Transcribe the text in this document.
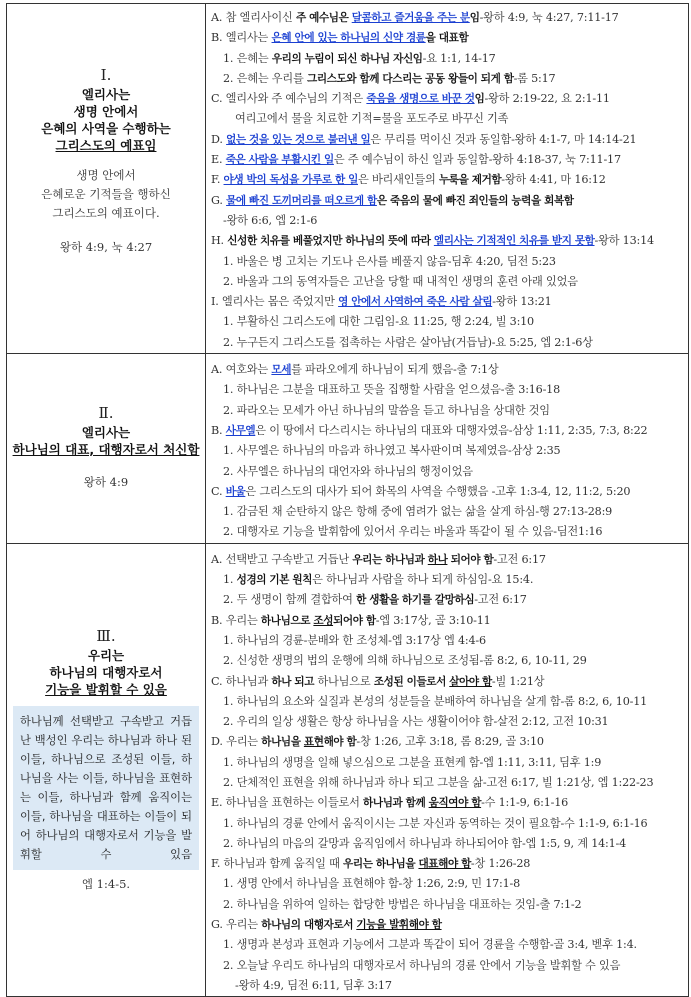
Ⅰ.
엘리사는
생명 안에서
은혜의 사역을 수행하는
그리스도의 예표임
생명 안에서
은혜로운 기적들을 행하신
그리스도의 예표이다.
왕하 4:9, 눅 4:27

A. 참 엘리사이신 주 예수님은 달콤하고 즐거움을 주는 분임-왕하 4:9, 눅 4:27, 7:11-17
B. 엘리사는 은혜 안에 있는 하나님의 신약 경륜을 대표함
1. 은혜는 우리의 누림이 되신 하나님 자신임-요 1:1, 14-17
2. 은혜는 우리를 그리스도와 함께 다스리는 공동 왕들이 되게 함-롬 5:17
C. 엘리사와 주 예수님의 기적은 죽음을 생명으로 바꾼 것임-왕하 2:19-22, 요 2:1-11
여리고에서 물을 치료한 기적=물을 포도주로 바꾸신 기족
D. 없는 것을 있는 것으로 불러낸 일은 무리를 먹이신 것과 동일함-왕하 4:1-7, 마 14:14-21
E. 죽은 사람을 부활시킨 일은 주 예수님이 하신 일과 동일함-왕하 4:18-37, 눅 7:11-17
F. 야생 박의 독성을 가루로 한 일은 바리새인들의 누룩을 제거함-왕하 4:41, 마 16:12
G. 물에 빠진 도끼머리를 떠오르게 함은 죽음의 물에 빠진 죄인들의 능력을 회복함
-왕하 6:6, 엡 2:1-6
H. 신성한 치유를 베풀었지만 하나님의 뜻에 따라 엘리사는 기적적인 치유를 받지 못함-왕하 13:14
1. 바울은 병 고치는 기도나 은사를 베풀지 않음-딤후 4:20, 딤전 5:23
2. 바울과 그의 동역자들은 고난을 당할 때 내적인 생명의 훈련 아래 있었음
I. 엘리사는 몸은 죽었지만 영 안에서 사역하여 죽은 사람 살림-왕하 13:21
1. 부활하신 그리스도에 대한 그림임-요 11:25, 행 2:24, 빌 3:10
2. 누구든지 그리스도를 접촉하는 사람은 살아남(거듭남)-요 5:25, 엡 2:1-6상

Ⅱ.
엘리사는
하나님의 대표, 대행자로서 처신함
왕하 4:9

A. 여호와는 모세를 파라오에게 하나님이 되게 했음-출 7:1상
1. 하나님은 그분을 대표하고 뜻을 집행할 사람을 얻으셨음-출 3:16-18
2. 파라오는 모세가 아닌 하나님의 말씀을 듣고 하나님을 상대한 것임
B. 사무엘은 이 땅에서 다스리시는 하나님의 대표와 대행자였음-삼상 1:11, 2:35, 7:3, 8:22
1. 사무엘은 하나님의 마음과 하나였고 복사판이며 복제였음-삼상 2:35
2. 사무엘은 하나님의 대언자와 하나님의 행정이었음
C. 바울은 그리스도의 대사가 되어 화목의 사역을 수행했음 -고후 1:3-4, 12, 11:2, 5:20
1. 감금된 채 순탄하지 않은 항해 중에 염려가 없는 삶을 살게 하심-행 27:13-28:9
2. 대행자로 기능을 발휘함에 있어서 우리는 바울과 똑같이 될 수 있음-딤전1:16

Ⅲ.
우리는
하나님의 대행자로서
기능을 발휘할 수 있음
하나님께 선택받고 구속받고 거듭난 백성인 우리는 하나님과 하나 된 이들, 하나님으로 조성된 이들, 하나님을 사는 이들, 하나님을 표현하는 이들, 하나님과 함께 움직이는 이들, 하나님을 대표하는 이들이 되어 하나님의 대행자로서 기능을 발휘할 수 있음
엡 1:4-5.

A. 선택받고 구속받고 거듭난 우리는 하나님과 하나 되어야 함-고전 6:17
1. 성경의 기본 원칙은 하나님과 사람을 하나 되게 하심임-요 15:4.
2. 두 생명이 함께 결합하여 한 생활을 하기를 갈망하심-고전 6:17
B. 우리는 하나님으로 조성되어야 함-엡 3:17상, 골 3:10-11
1. 하나님의 경륜-분배와 한 조성체-엡 3:17상 엡 4:4-6
2. 신성한 생명의 법의 운행에 의해 하나님으로 조성됨-롬 8:2, 6, 10-11, 29
C. 하나님과 하나 되고 하나님으로 조성된 이들로서 살아야 함-빌 1:21상
1. 하나님의 요소와 실질과 본성의 성분들을 분배하여 하나님을 살게 함-롬 8:2, 6, 10-11
2. 우리의 일상 생활은 항상 하나님을 사는 생활이어야 함-살전 2:12, 고전 10:31
D. 우리는 하나님을 표현해야 함-창 1:26, 고후 3:18, 롬 8:29, 골 3:10
1. 하나님의 생명을 일해 넣으심으로 그분을 표현케 함-엡 1:11, 3:11, 딤후 1:9
2. 단체적인 표현을 위해 하나님과 하나 되고 그분을 삶-고전 6:17, 빌 1:21상, 엡 1:22-23
E. 하나님을 표현하는 이들로서 하나님과 함께 움직여야 함-수 1:1-9, 6:1-16
1. 하나님의 경륜 안에서 움직이시는 그분 자신과 동역하는 것이 필요함-수 1:1-9, 6:1-16
2. 하나님의 마음의 갈망과 움직임에서 하나님과 하나되어야 함-엡 1:5, 9, 계 14:1-4
F. 하나님과 함께 움직일 때 우리는 하나님을 대표해야 함-창 1:26-28
1. 생명 안에서 하나님을 표현해야 함-창 1:26, 2:9, 민 17:1-8
2. 하나님을 위하여 일하는 합당한 방법은 하나님을 대표하는 것임-출 7:1-2
G. 우리는 하나님의 대행자로서 기능을 발휘해야 함
1. 생명과 본성과 표현과 기능에서 그분과 똑같이 되어 경륜을 수행함-골 3:4, 벧후 1:4.
2. 오늘날 우리도 하나님의 대행자로서 하나님의 경륜 안에서 기능을 발휘할 수 있음
-왕하 4:9, 딤전 6:11, 딤후 3:17
